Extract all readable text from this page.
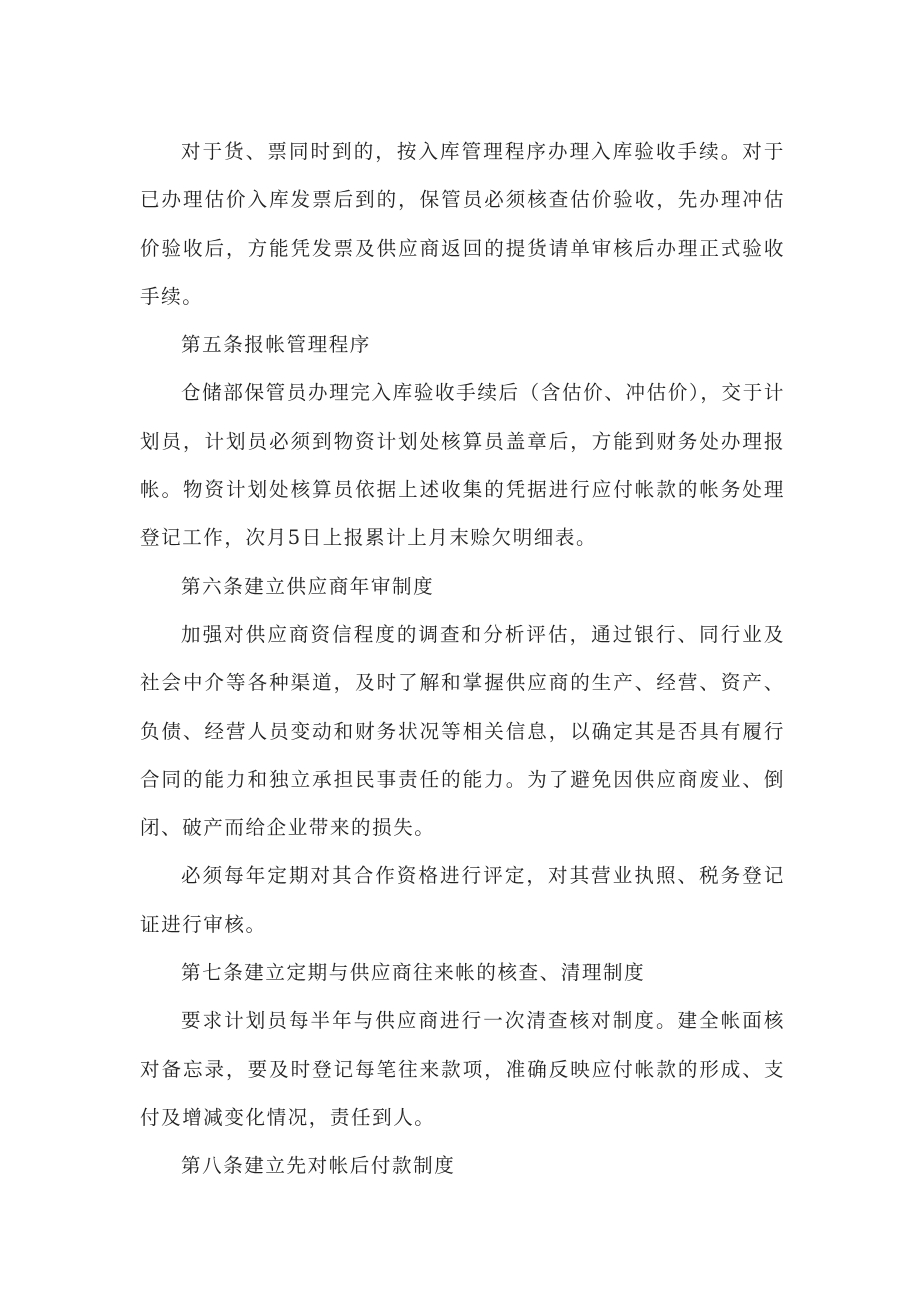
对于货、票同时到的，按入库管理程序办理入库验收手续。对于已办理估价入库发票后到的，保管员必须核查估价验收，先办理冲估价验收后，方能凭发票及供应商返回的提货请单审核后办理正式验收手续。

第五条报帐管理程序

仓储部保管员办理完入库验收手续后（含估价、冲估价），交于计划员，计划员必须到物资计划处核算员盖章后，方能到财务处办理报帐。物资计划处核算员依据上述收集的凭据进行应付帐款的帐务处理登记工作，次月5日上报累计上月末赊欠明细表。

第六条建立供应商年审制度

加强对供应商资信程度的调查和分析评估，通过银行、同行业及社会中介等各种渠道，及时了解和掌握供应商的生产、经营、资产、负债、经营人员变动和财务状况等相关信息，以确定其是否具有履行合同的能力和独立承担民事责任的能力。为了避免因供应商废业、倒闭、破产而给企业带来的损失。

必须每年定期对其合作资格进行评定，对其营业执照、税务登记证进行审核。

第七条建立定期与供应商往来帐的核查、清理制度

要求计划员每半年与供应商进行一次清查核对制度。建全帐面核对备忘录，要及时登记每笔往来款项，准确反映应付帐款的形成、支付及增减变化情况，责任到人。

第八条建立先对帐后付款制度
